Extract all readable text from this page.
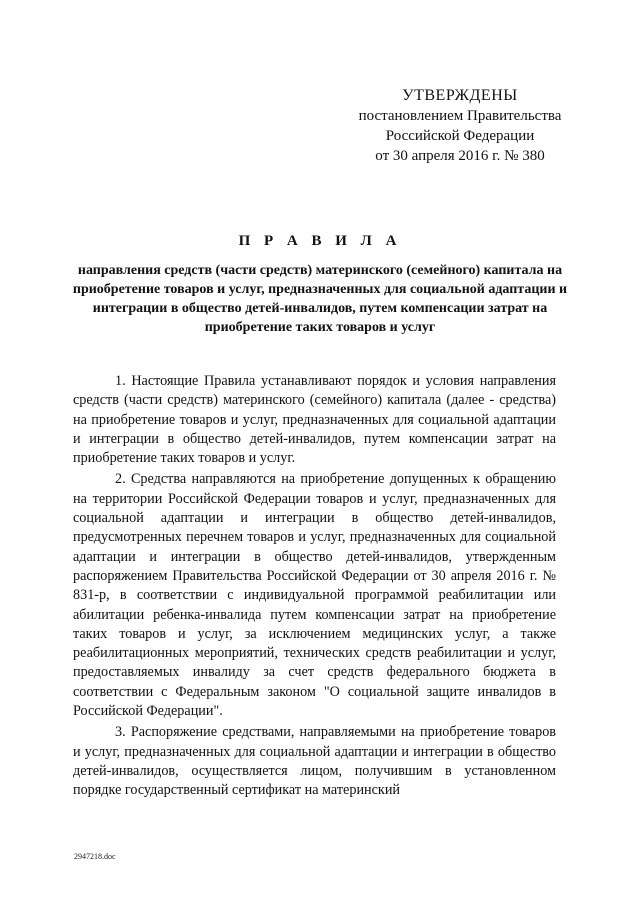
УТВЕРЖДЕНЫ
постановлением Правительства
Российской Федерации
от 30 апреля 2016 г. № 380
П Р А В И Л А
направления средств (части средств) материнского (семейного) капитала на приобретение товаров и услуг, предназначенных для социальной адаптации и интеграции в общество детей-инвалидов, путем компенсации затрат на приобретение таких товаров и услуг

1. Настоящие Правила устанавливают порядок и условия направления средств (части средств) материнского (семейного) капитала (далее - средства) на приобретение товаров и услуг, предназначенных для социальной адаптации и интеграции в общество детей-инвалидов, путем компенсации затрат на приобретение таких товаров и услуг.

2. Средства направляются на приобретение допущенных к обращению на территории Российской Федерации товаров и услуг, предназначенных для социальной адаптации и интеграции в общество детей-инвалидов, предусмотренных перечнем товаров и услуг, предназначенных для социальной адаптации и интеграции в общество детей-инвалидов, утвержденным распоряжением Правительства Российской Федерации от 30 апреля 2016 г. № 831-р, в соответствии с индивидуальной программой реабилитации или абилитации ребенка-инвалида путем компенсации затрат на приобретение таких товаров и услуг, за исключением медицинских услуг, а также реабилитационных мероприятий, технических средств реабилитации и услуг, предоставляемых инвалиду за счет средств федерального бюджета в соответствии с Федеральным законом "О социальной защите инвалидов в Российской Федерации".

3. Распоряжение средствами, направляемыми на приобретение товаров и услуг, предназначенных для социальной адаптации и интеграции в общество детей-инвалидов, осуществляется лицом, получившим в установленном порядке государственный сертификат на материнский

2947218.doc
